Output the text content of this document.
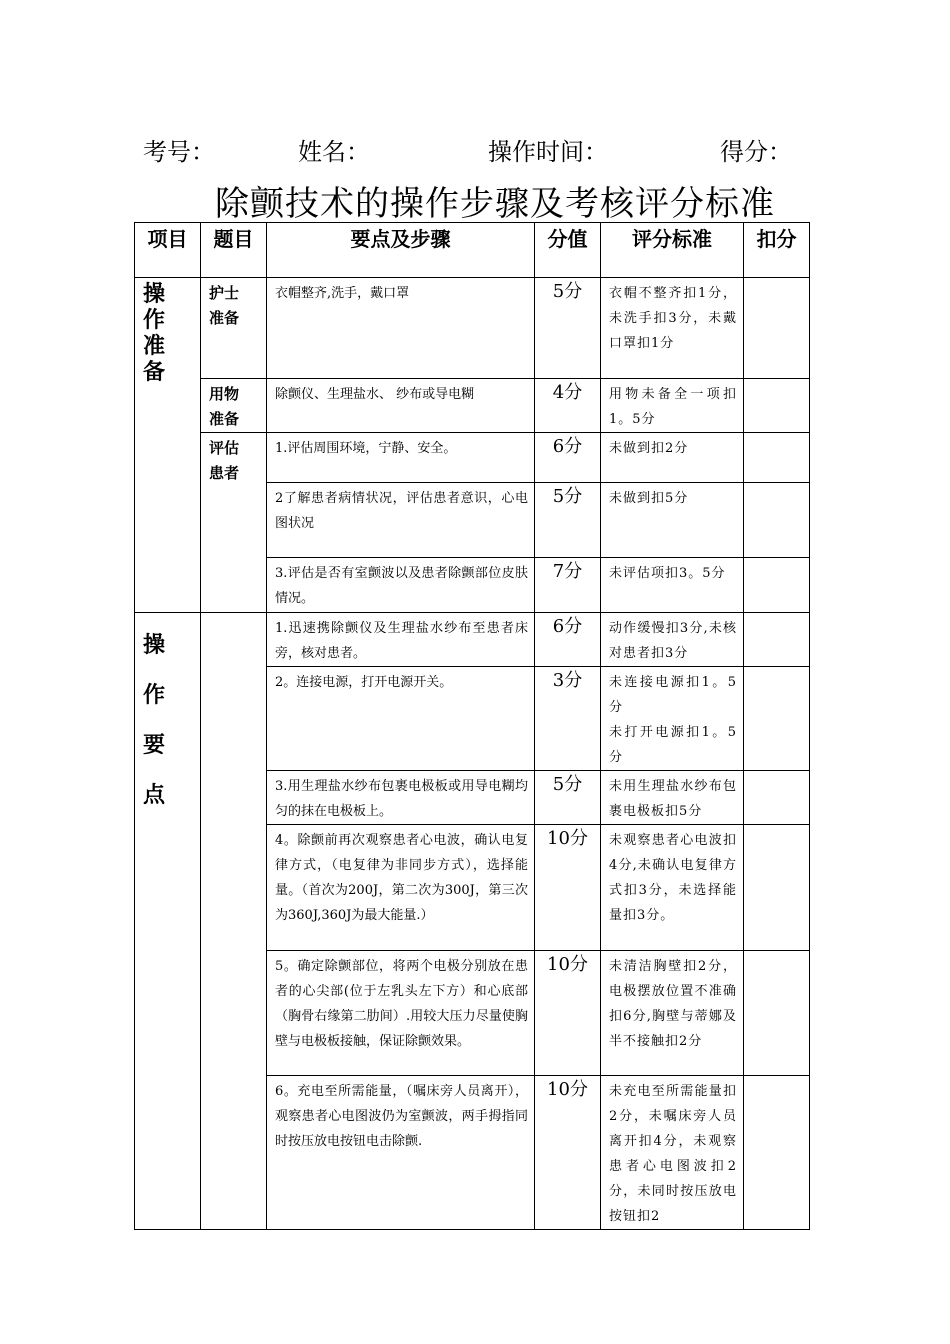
考号：	姓名：	操作时间：	得分：
除颤技术的操作步骤及考核评分标准
项目	题目	要点及步骤	分值	评分标准	扣分

操作准备	护士准备	衣帽整齐,洗手，戴口罩	5分	衣帽不整齐扣1分，未洗手扣3分，未戴口罩扣1分	

	用物准备	除颤仪、生理盐水、 纱布或导电糊	4分	用物未备全一项扣1。5分	

	评估患者	1.评估周围环境，宁静、安全。	6分	未做到扣2分	

		2了解患者病情状况，评估患者意识，心电图状况	5分	未做到扣5分	

		3.评估是否有室颤波以及患者除颤部位皮肤情况。	7分	未评估项扣3。5分	

操作要点		1.迅速携除颤仪及生理盐水纱布至患者床旁，核对患者。	6分	动作缓慢扣3分,未核对患者扣3分	

		2。连接电源，打开电源开关。	3分	未连接电源扣1。5分
未打开电源扣1。5分	

		3.用生理盐水纱布包裹电极板或用导电糊均匀的抹在电极板上。	5分	未用生理盐水纱布包裹电极板扣5分	

		4。除颤前再次观察患者心电波，确认电复律方式，（电复律为非同步方式），选择能量。（首次为200J，第二次为300J，第三次为360J,360J为最大能量.）	10分	未观察患者心电波扣4分,未确认电复律方式扣3分，未选择能量扣3分。	

		5。确定除颤部位，将两个电极分别放在患者的心尖部(位于左乳头左下方）和心底部（胸骨右缘第二肋间）.用较大压力尽量使胸壁与电极板接触，保证除颤效果。	10分	未清洁胸壁扣2分，电极摆放位置不准确扣6分,胸壁与蒂娜及半不接触扣2分	

		6。充电至所需能量，（嘱床旁人员离开），观察患者心电图波仍为室颤波，两手拇指同时按压放电按钮电击除颤.	10分	未充电至所需能量扣2分，未嘱床旁人员离开扣4分，未观察患者心电图波扣2分，未同时按压放电按钮扣2	
